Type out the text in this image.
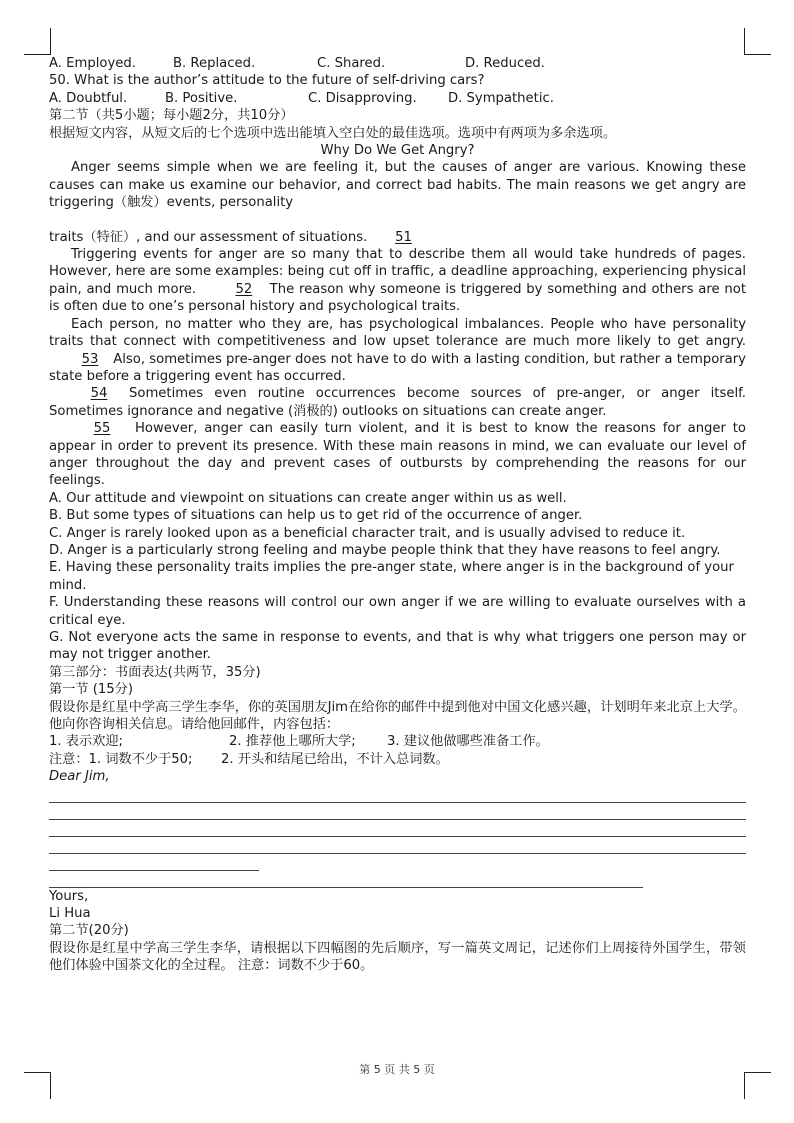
A. Employed.	B. Replaced.	C. Shared.	D. Reduced.

50. What is the author’s attitude to the future of self-driving cars?

A. Doubtful.	B. Positive.	C. Disapproving.	D. Sympathetic.

第二节（共5小题；每小题2分，共10分）

根据短文内容，从短文后的七个选项中选出能填入空白处的最佳选项。选项中有两项为多余选项。

Why Do We Get Angry?

Anger seems simple when we are feeling it, but the causes of anger are various. Knowing these causes can make us examine our behavior, and correct bad habits. The main reasons we get angry are triggering（触发）events, personality

traits（特征）, and our assessment of situations. 51

Triggering events for anger are so many that to describe them all would take hundreds of pages. However, here are some examples: being cut off in traffic, a deadline approaching, experiencing physical pain, and much more.	52 The reason why someone is triggered by something and others are not is often due to one’s personal history and psychological traits.

Each person, no matter who they are, has psychological imbalances. People who have personality traits that connect with competitiveness and low upset tolerance are much more likely to get angry. 53 Also, sometimes pre-anger does not have to do with a lasting condition, but rather a temporary state before a triggering event has occurred.

54 Sometimes even routine occurrences become sources of pre-anger, or anger itself. Sometimes ignorance and negative (消极的) outlooks on situations can create anger.

55 However, anger can easily turn violent, and it is best to know the reasons for anger to appear in order to prevent its presence. With these main reasons in mind, we can evaluate our level of anger throughout the day and prevent cases of outbursts by comprehending the reasons for our feelings.

A. Our attitude and viewpoint on situations can create anger within us as well.

B. But some types of situations can help us to get rid of the occurrence of anger.

C. Anger is rarely looked upon as a beneficial character trait, and is usually advised to reduce it.

D. Anger is a particularly strong feeling and maybe people think that they have reasons to feel angry.

E. Having these personality traits implies the pre-anger state, where anger is in the background of your mind.

F. Understanding these reasons will control our own anger if we are willing to evaluate ourselves with a critical eye.

G. Not everyone acts the same in response to events, and that is why what triggers one person may or may not trigger another.

第三部分：书面表达(共两节，35分)

第一节 (15分)

假设你是红星中学高三学生李华，你的英国朋友Jim在给你的邮件中提到他对中国文化感兴趣，计划明年来北京上大学。他向你咨询相关信息。请给他回邮件，内容包括：

1. 表示欢迎;	2. 推荐他上哪所大学; 3. 建议他做哪些准备工作。

注意：1. 词数不少于50; 2. 开头和结尾已给出，不计入总词数。

Dear Jim,

Yours,

Li Hua

第二节(20分)

假设你是红星中学高三学生李华，请根据以下四幅图的先后顺序，写一篇英文周记，记述你们上周接待外国学生，带领他们体验中国茶文化的全过程。 注意：词数不少于60。

第 5 页 共 5 页
